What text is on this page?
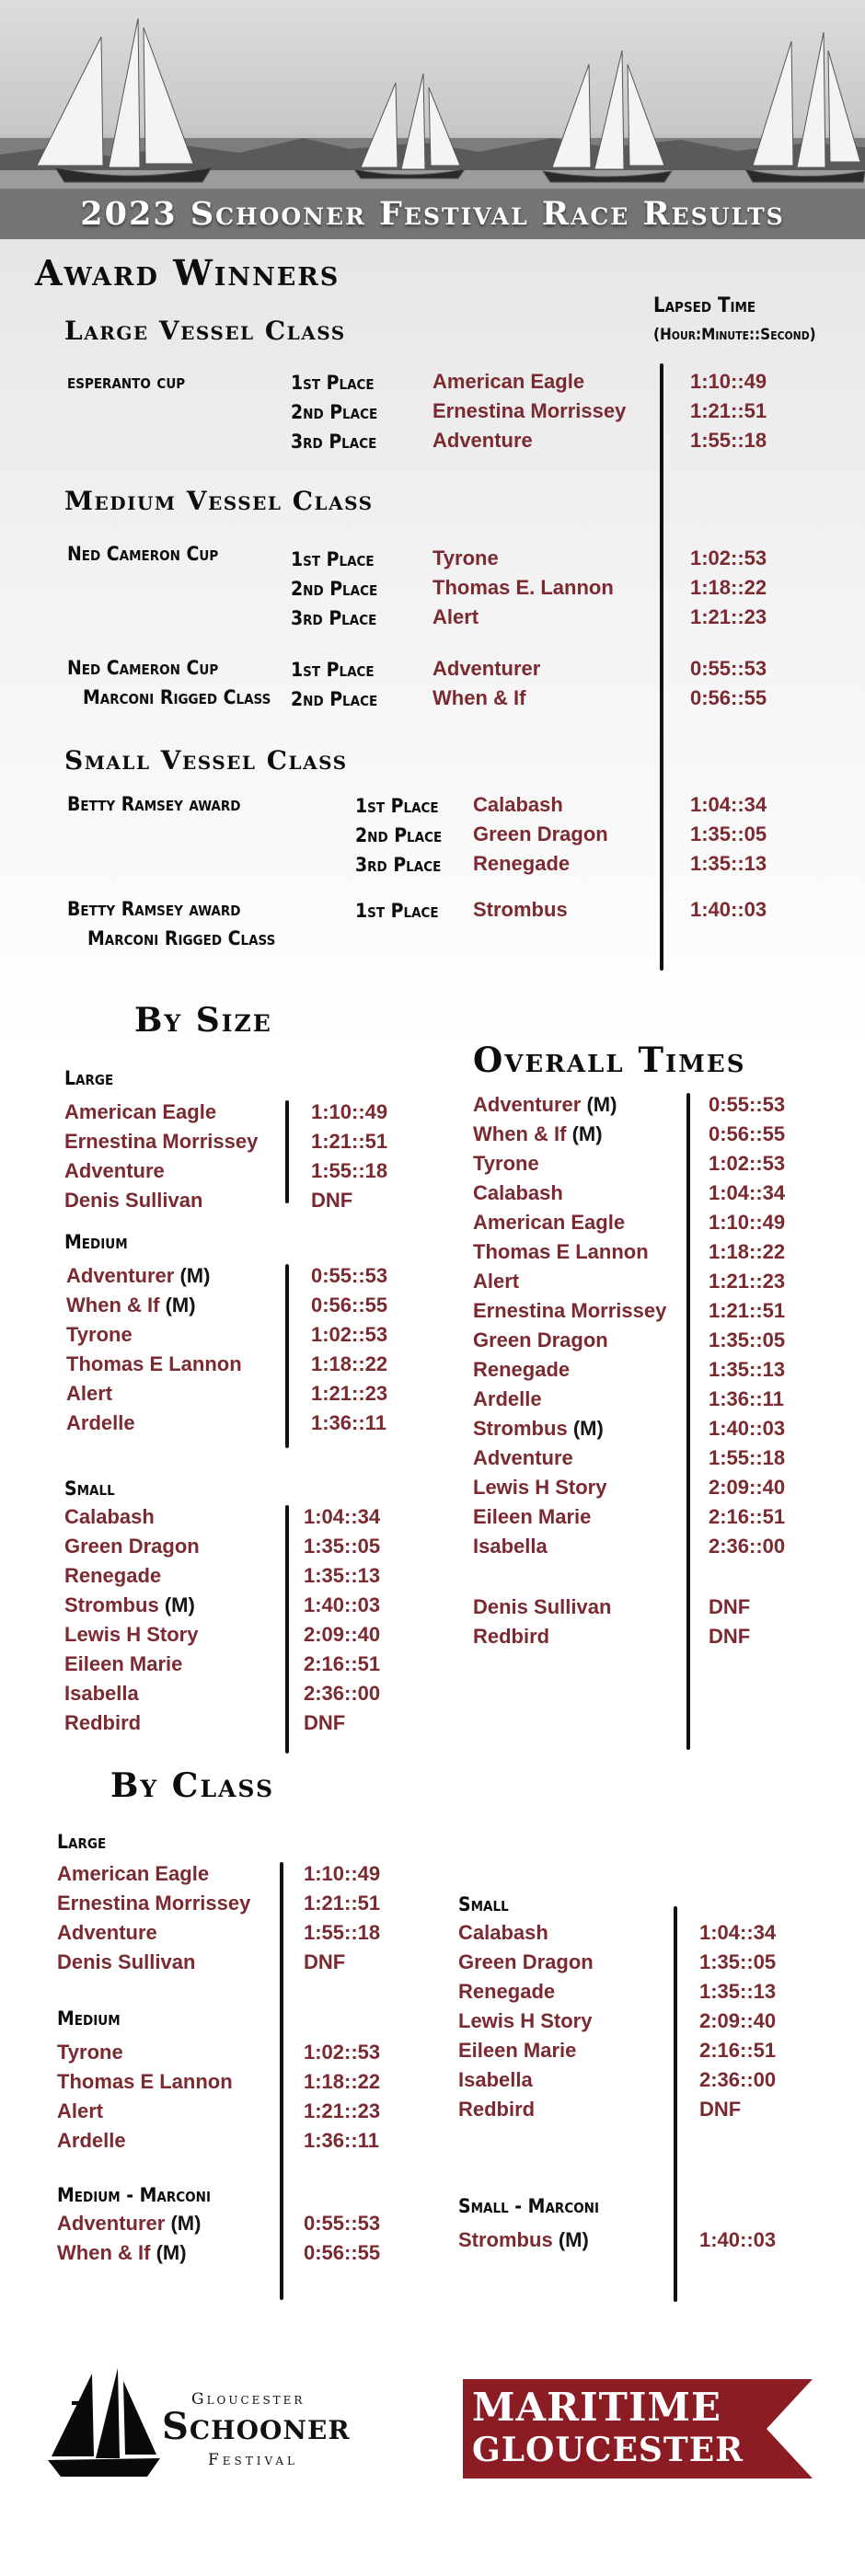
2023 Schooner Festival Race Results
Award Winners
Lapsed Time
(Hour:Minute::Second)
Large Vessel Class
esperanto cup	1st Place	American Eagle	1:10::49
2nd Place	Ernestina Morrissey	1:21::51
3rd Place	Adventure	1:55::18
Medium Vessel Class
Ned Cameron Cup	1st Place	Tyrone	1:02::53
2nd Place	Thomas E. Lannon	1:18::22
3rd Place	Alert	1:21::23
Ned Cameron Cup
Marconi Rigged Class
1st Place	Adventurer	0:55::53
2nd Place	When & If	0:56::55
Small Vessel Class
Betty Ramsey award	1st Place Calabash	1:04::34
2nd Place Green Dragon	1:35::05
3rd Place Renegade	1:35::13
Betty Ramsey award
Marconi Rigged Class
1st Place Strombus	1:40::03
By Size
Large
American Eagle	1:10::49
Ernestina Morrissey	1:21::51
Adventure	1:55::18
Denis Sullivan	DNF
Medium
Adventurer (M)	0:55::53
When & If (M)	0:56::55
Tyrone	1:02::53
Thomas E Lannon	1:18::22
Alert	1:21::23
Ardelle	1:36::11
Small
Calabash	1:04::34
Green Dragon	1:35::05
Renegade	1:35::13
Strombus (M)	1:40::03
Lewis H Story	2:09::40
Eileen Marie	2:16::51
Isabella	2:36::00
Redbird	DNF
Overall Times
Adventurer (M)	0:55::53
When & If (M)	0:56::55
Tyrone	1:02::53
Calabash	1:04::34
American Eagle	1:10::49
Thomas E Lannon	1:18::22
Alert	1:21::23
Ernestina Morrissey 1:21::51
Green Dragon	1:35::05
Renegade	1:35::13
Ardelle	1:36::11
Strombus (M)	1:40::03
Adventure	1:55::18
Lewis H Story	2:09::40
Eileen Marie	2:16::51
Isabella	2:36::00
Denis Sullivan	DNF
Redbird	DNF
By Class
Large
American Eagle	1:10::49
Ernestina Morrissey	1:21::51
Adventure	1:55::18
Denis Sullivan	DNF
Medium
Tyrone	1:02::53
Thomas E Lannon	1:18::22
Alert	1:21::23
Ardelle	1:36::11
Medium - Marconi
Adventurer (M)	0:55::53
When & If (M)	0:56::55
Small
Calabash	1:04::34
Green Dragon	1:35::05
Renegade	1:35::13
Lewis H Story	2:09::40
Eileen Marie	2:16::51
Isabella	2:36::00
Redbird	DNF
Small - Marconi
Strombus (M)	1:40::03
Gloucester
Schooner
Festival
MARITIME
GLOUCESTER
